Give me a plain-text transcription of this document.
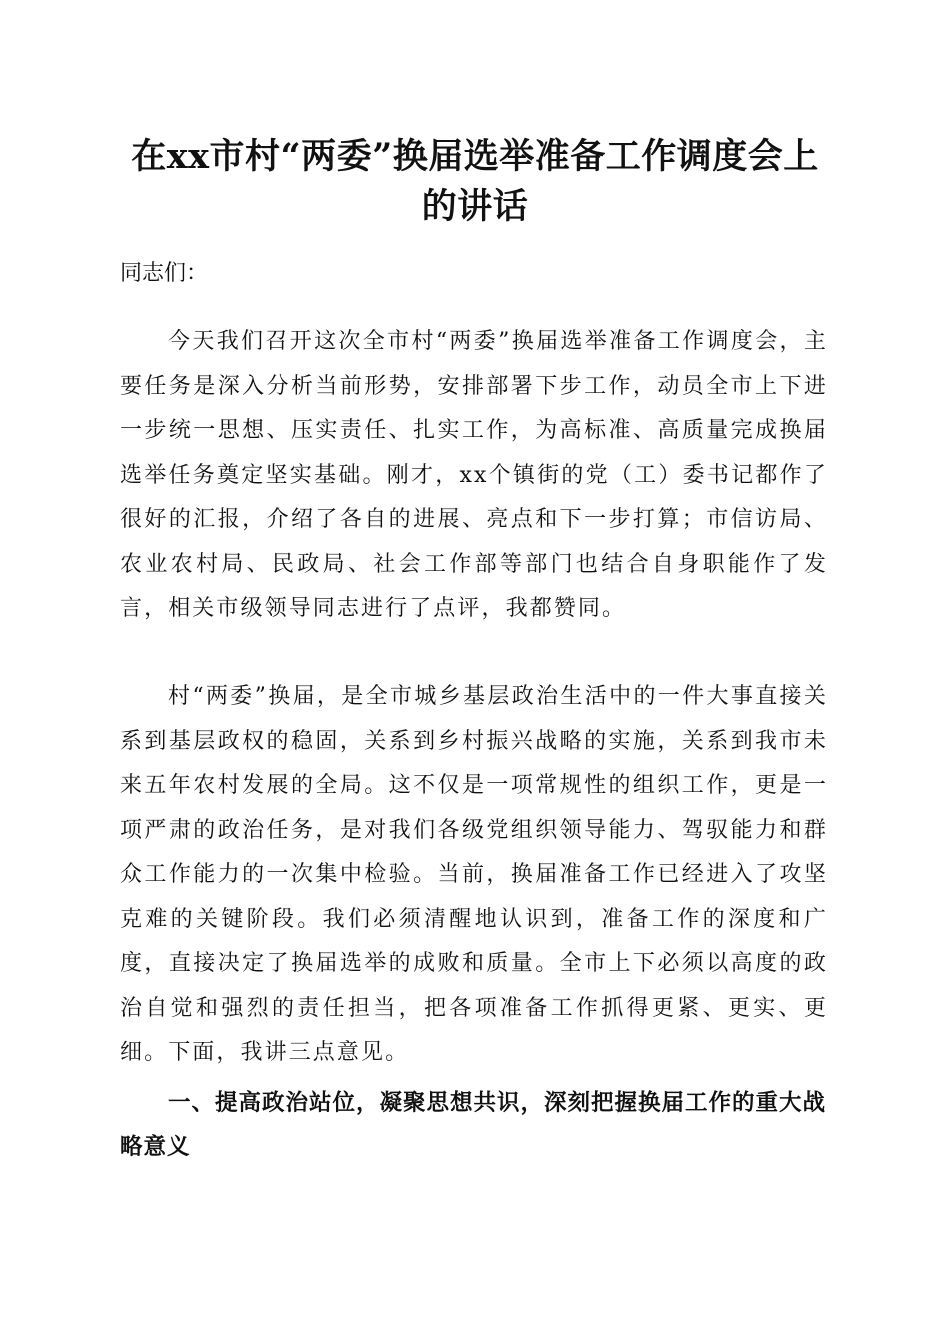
在xx市村“两委”换届选举准备工作调度会上的讲话

同志们：

今天我们召开这次全市村“两委”换届选举准备工作调度会，主要任务是深入分析当前形势，安排部署下步工作，动员全市上下进一步统一思想、压实责任、扎实工作，为高标准、高质量完成换届选举任务奠定坚实基础。刚才，xx个镇街的党（工）委书记都作了很好的汇报，介绍了各自的进展、亮点和下一步打算；市信访局、农业农村局、民政局、社会工作部等部门也结合自身职能作了发言，相关市级领导同志进行了点评，我都赞同。

村“两委”换届，是全市城乡基层政治生活中的一件大事直接关系到基层政权的稳固，关系到乡村振兴战略的实施，关系到我市未来五年农村发展的全局。这不仅是一项常规性的组织工作，更是一项严肃的政治任务，是对我们各级党组织领导能力、驾驭能力和群众工作能力的一次集中检验。当前，换届准备工作已经进入了攻坚克难的关键阶段。我们必须清醒地认识到，准备工作的深度和广度，直接决定了换届选举的成败和质量。全市上下必须以高度的政治自觉和强烈的责任担当，把各项准备工作抓得更紧、更实、更细。下面，我讲三点意见。

一、提高政治站位，凝聚思想共识，深刻把握换届工作的重大战略意义
